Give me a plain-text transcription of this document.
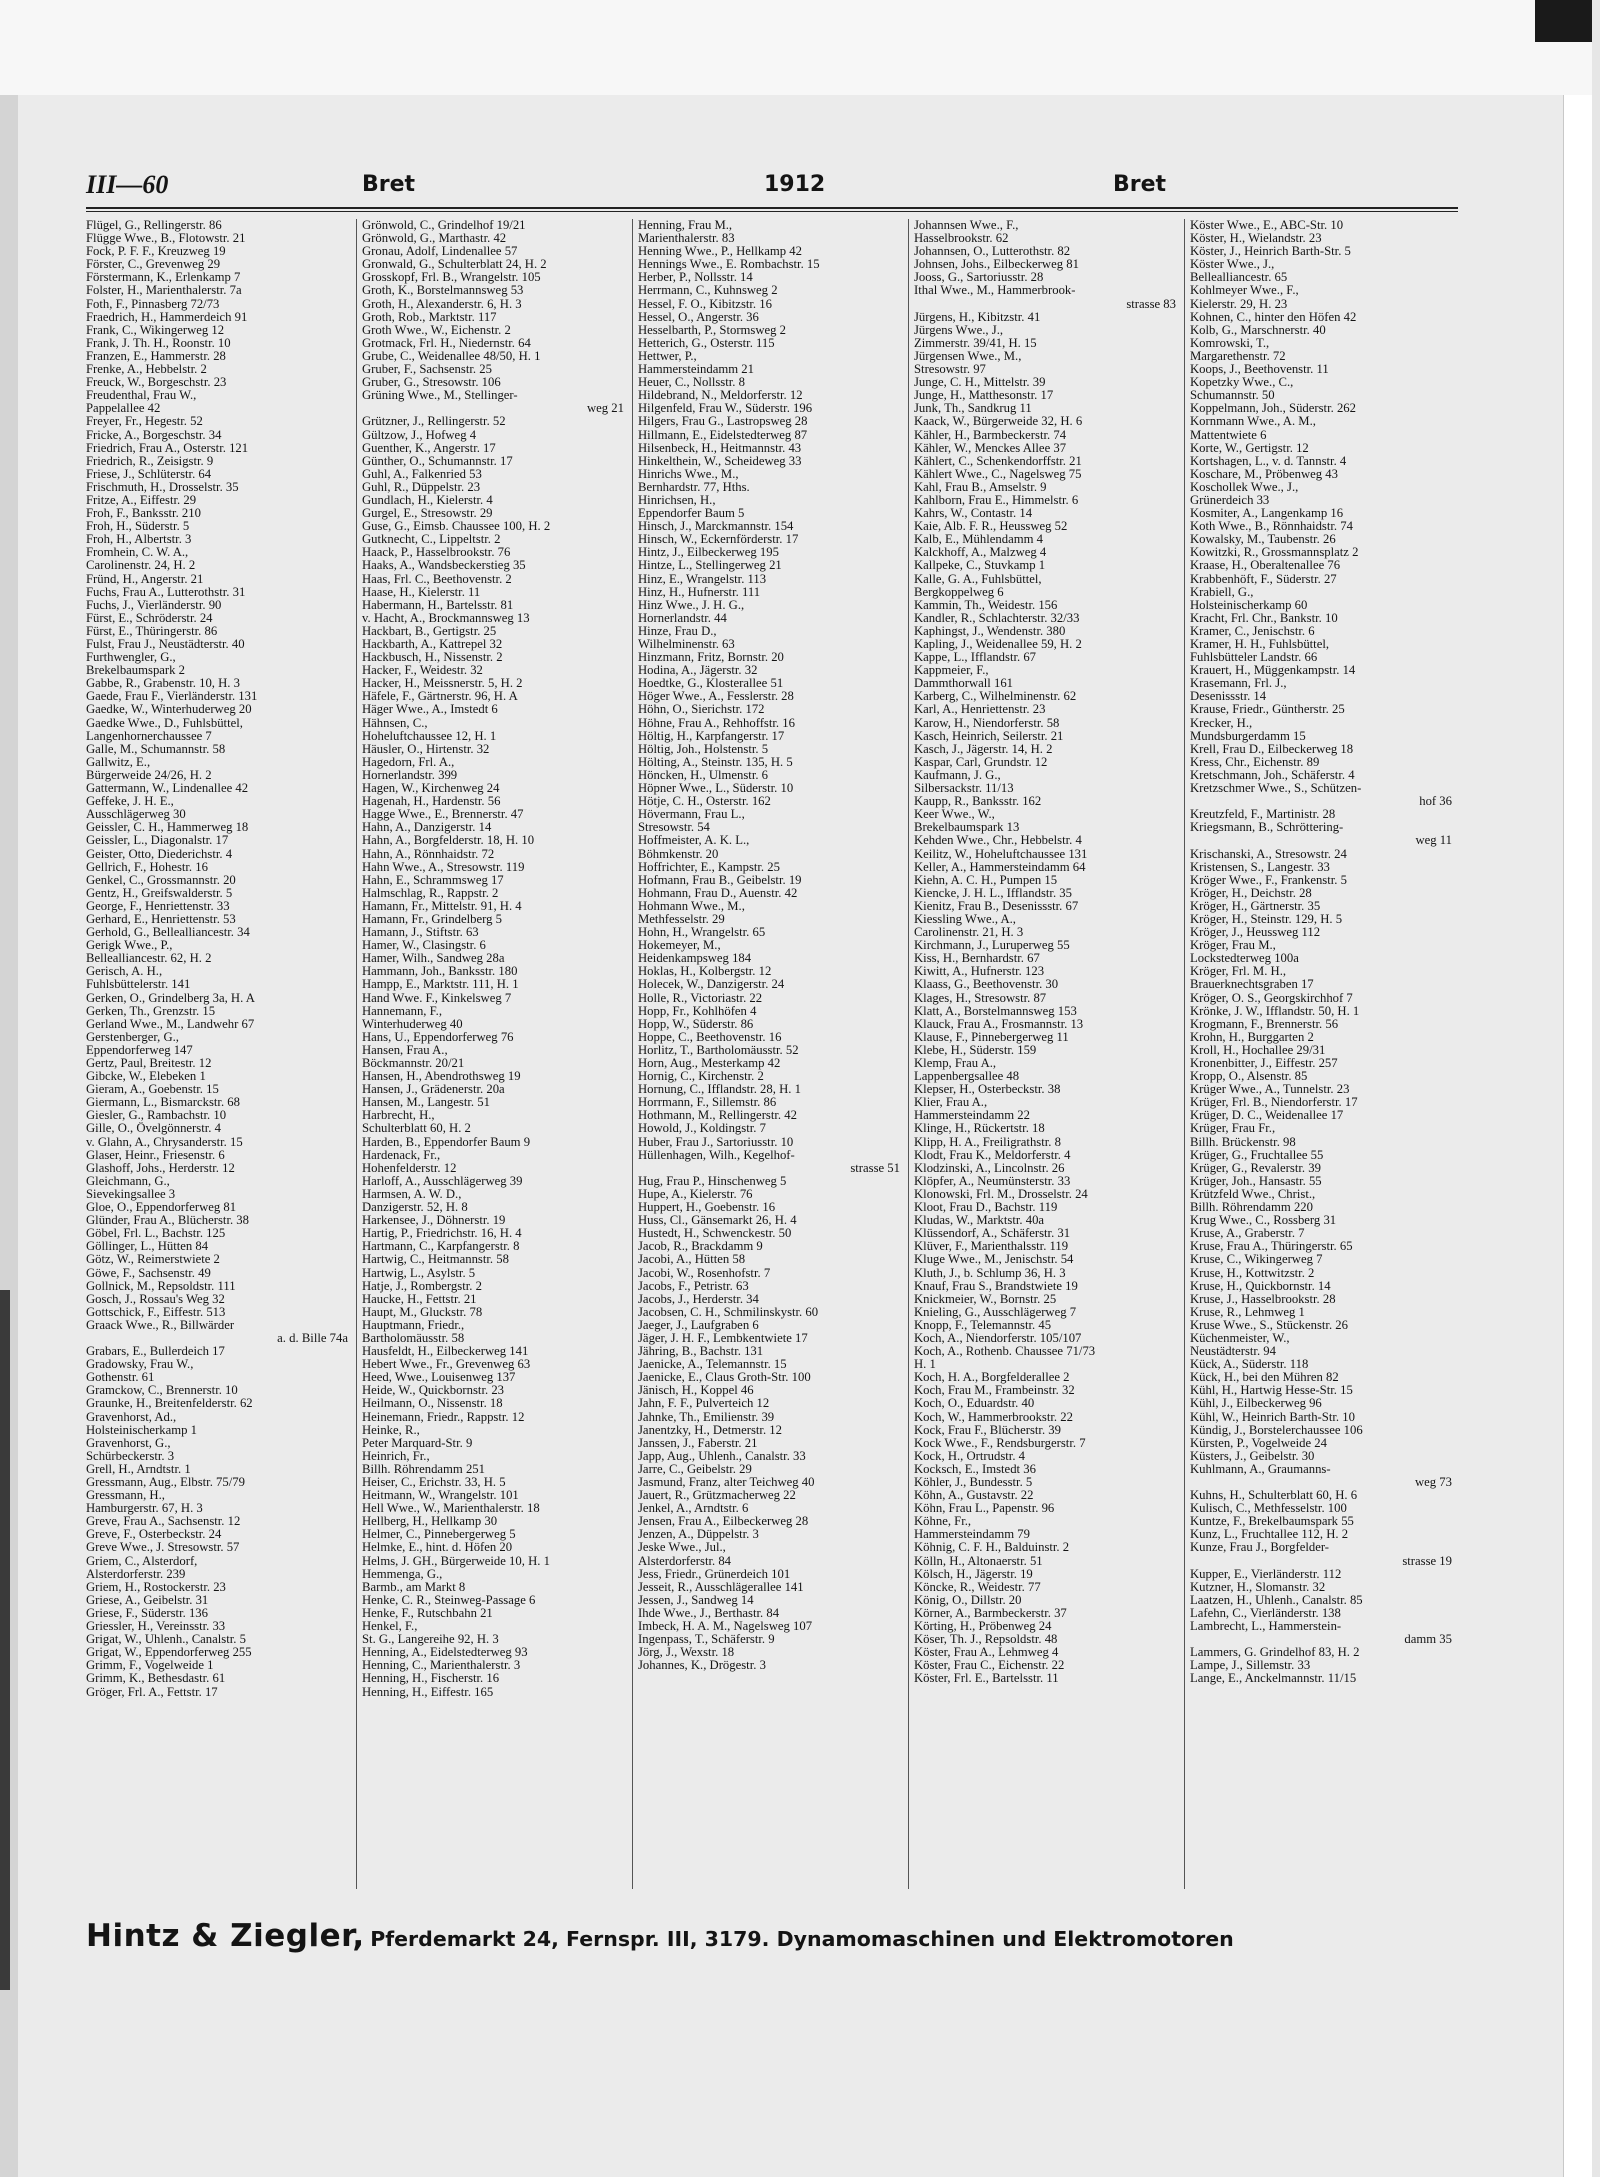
III—60	Bret	1912	Bret
Flügel, G., Rellingerstr. 86
Flügge Wwe., B., Flotowstr. 21
Fock, P. F. F., Kreuzweg 19
Förster, C., Grevenweg 29
Förstermann, K., Erlenkamp 7
Folster, H., Marienthalerstr. 7a
Foth, F., Pinnasberg 72/73
Fraedrich, H., Hammerdeich 91
Frank, C., Wikingerweg 12
Frank, J. Th. H., Roonstr. 10
Franzen, E., Hammerstr. 28
Frenke, A., Hebbelstr. 2
Freuck, W., Borgeschstr. 23
Freudenthal, Frau W.,
Pappelallee 42
Freyer, Fr., Hegestr. 52
Fricke, A., Borgeschstr. 34
Friedrich, Frau A., Osterstr. 121
Friedrich, R., Zeisigstr. 9
Friese, J., Schlüterstr. 64
Frischmuth, H., Drosselstr. 35
Fritze, A., Eiffestr. 29
Froh, F., Banksstr. 210
Froh, H., Süderstr. 5
Froh, H., Albertstr. 3
Fromhein, C. W. A.,
Carolinenstr. 24, H. 2
Fründ, H., Angerstr. 21
Fuchs, Frau A., Lutterothstr. 31
Fuchs, J., Vierländerstr. 90
Fürst, E., Schröderstr. 24
Fürst, E., Thüringerstr. 86
Fulst, Frau J., Neustädterstr. 40
Furthwengler, G.,
Brekelbaumspark 2
Gabbe, R., Grabenstr. 10, H. 3
Gaede, Frau F., Vierländerstr. 131
Gaedke, W., Winterhuderweg 20
Gaedke Wwe., D., Fuhlsbüttel,
Langenhornerchaussee 7
Galle, M., Schumannstr. 58
Gallwitz, E.,
Bürgerweide 24/26, H. 2
Gattermann, W., Lindenallee 42
Geffeke, J. H. E.,
Ausschlägerweg 30
Geissler, C. H., Hammerweg 18
Geissler, L., Diagonalstr. 17
Geister, Otto, Diederichstr. 4
Gellrich, F., Hohestr. 16
Genkel, C., Grossmannstr. 20
Gentz, H., Greifswalderstr. 5
George, F., Henriettenstr. 33
Gerhard, E., Henriettenstr. 53
Gerhold, G., Bellealliancestr. 34
Gerigk Wwe., P.,
Bellealliancestr. 62, H. 2
Gerisch, A. H.,
Fuhlsbüttelerstr. 141
Gerken, O., Grindelberg 3a, H. A
Gerken, Th., Grenzstr. 15
Gerland Wwe., M., Landwehr 67
Gerstenberger, G.,
Eppendorferweg 147
Gertz, Paul, Breitestr. 12
Gibcke, W., Elebeken 1
Gieram, A., Goebenstr. 15
Giermann, L., Bismarckstr. 68
Giesler, G., Rambachstr. 10
Gille, O., Övelgönnerstr. 4
v. Glahn, A., Chrysanderstr. 15
Glaser, Heinr., Friesenstr. 6
Glashoff, Johs., Herderstr. 12
Gleichmann, G.,
Sievekingsallee 3
Gloe, O., Eppendorferweg 81
Glünder, Frau A., Blücherstr. 38
Göbel, Frl. L., Bachstr. 125
Göllinger, L., Hütten 84
Götz, W., Reimerstwiete 2
Göwe, F., Sachsenstr. 49
Gollnick, M., Repsoldstr. 111
Gosch, J., Rossau's Weg 32
Gottschick, F., Eiffestr. 513
Graack Wwe., R., Billwärder
a. d. Bille 74a
Grabars, E., Bullerdeich 17
Gradowsky, Frau W.,
Gothenstr. 61
Gramckow, C., Brennerstr. 10
Graunke, H., Breitenfelderstr. 62
Gravenhorst, Ad.,
Holsteinischerkamp 1
Gravenhorst, G.,
Schürbeckerstr. 3
Grell, H., Arndtstr. 1
Gressmann, Aug., Elbstr. 75/79
Gressmann, H.,
Hamburgerstr. 67, H. 3
Greve, Frau A., Sachsenstr. 12
Greve, F., Osterbeckstr. 24
Greve Wwe., J. Stresowstr. 57
Griem, C., Alsterdorf,
Alsterdorferstr. 239
Griem, H., Rostockerstr. 23
Griese, A., Geibelstr. 31
Griese, F., Süderstr. 136
Griessler, H., Vereinsstr. 33
Grigat, W., Uhlenh., Canalstr. 5
Grigat, W., Eppendorferweg 255
Grimm, F., Vogelweide 1
Grimm, K., Bethesdastr. 61
Gröger, Frl. A., Fettstr. 17
Grönwold, C., Grindelhof 19/21
Grönwold, G., Marthastr. 42
Gronau, Adolf, Lindenallee 57
Gronwald, G., Schulterblatt 24, H. 2
Grosskopf, Frl. B., Wrangelstr. 105
Groth, K., Borstelmannsweg 53
Groth, H., Alexanderstr. 6, H. 3
Groth, Rob., Marktstr. 117
Groth Wwe., W., Eichenstr. 2
Grotmack, Frl. H., Niedernstr. 64
Grube, C., Weidenallee 48/50, H. 1
Gruber, F., Sachsenstr. 25
Gruber, G., Stresowstr. 106
Grüning Wwe., M., Stellinger-
weg 21
Grützner, J., Rellingerstr. 52
Gültzow, J., Hofweg 4
Guenther, K., Angerstr. 17
Günther, O., Schumannstr. 17
Guhl, A., Falkenried 53
Guhl, R., Düppelstr. 23
Gundlach, H., Kielerstr. 4
Gurgel, E., Stresowstr. 29
Guse, G., Eimsb. Chaussee 100, H. 2
Gutknecht, C., Lippeltstr. 2
Haack, P., Hasselbrookstr. 76
Haaks, A., Wandsbeckerstieg 35
Haas, Frl. C., Beethovenstr. 2
Haase, H., Kielerstr. 11
Habermann, H., Bartelsstr. 81
v. Hacht, A., Brockmannsweg 13
Hackbart, B., Gertigstr. 25
Hackbarth, A., Kattrepel 32
Hackbusch, H., Nissenstr. 2
Hacker, F., Weidestr. 32
Hacker, H., Meissnerstr. 5, H. 2
Häfele, F., Gärtnerstr. 96, H. A
Häger Wwe., A., Imstedt 6
Hähnsen, C.,
Hoheluftchaussee 12, H. 1
Häusler, O., Hirtenstr. 32
Hagedorn, Frl. A.,
Hornerlandstr. 399
Hagen, W., Kirchenweg 24
Hagenah, H., Hardenstr. 56
Hagge Wwe., E., Brennerstr. 47
Hahn, A., Danzigerstr. 14
Hahn, A., Borgfelderstr. 18, H. 10
Hahn, A., Rönnhaidstr. 72
Hahn Wwe., A., Stresowstr. 119
Hahn, E., Schrammsweg 17
Halmschlag, R., Rappstr. 2
Hamann, Fr., Mittelstr. 91, H. 4
Hamann, Fr., Grindelberg 5
Hamann, J., Stiftstr. 63
Hamer, W., Clasingstr. 6
Hamer, Wilh., Sandweg 28a
Hammann, Joh., Banksstr. 180
Hampp, E., Marktstr. 111, H. 1
Hand Wwe. F., Kinkelsweg 7
Hannemann, F.,
Winterhuderweg 40
Hans, U., Eppendorferweg 76
Hansen, Frau A.,
Böckmannstr. 20/21
Hansen, H., Abendrothsweg 19
Hansen, J., Grädenerstr. 20a
Hansen, M., Langestr. 51
Harbrecht, H.,
Schulterblatt 60, H. 2
Harden, B., Eppendorfer Baum 9
Hardenack, Fr.,
Hohenfelderstr. 12
Harloff, A., Ausschlägerweg 39
Harmsen, A. W. D.,
Danzigerstr. 52, H. 8
Harkensee, J., Döhnerstr. 19
Hartig, P., Friedrichstr. 16, H. 4
Hartmann, C., Karpfangerstr. 8
Hartwig, C., Heitmannstr. 58
Hartwig, L., Asylstr. 5
Hatje, J., Rombergstr. 2
Haucke, H., Fettstr. 21
Haupt, M., Gluckstr. 78
Hauptmann, Friedr.,
Bartholomäusstr. 58
Hausfeldt, H., Eilbeckerweg 141
Hebert Wwe., Fr., Grevenweg 63
Heed, Wwe., Louisenweg 137
Heide, W., Quickbornstr. 23
Heilmann, O., Nissenstr. 18
Heinemann, Friedr., Rappstr. 12
Heinke, R.,
Peter Marquard-Str. 9
Heinrich, Fr.,
Billh. Röhrendamm 251
Heiser, C., Erichstr. 33, H. 5
Heitmann, W., Wrangelstr. 101
Hell Wwe., W., Marienthalerstr. 18
Hellberg, H., Hellkamp 30
Helmer, C., Pinnebergerweg 5
Helmke, E., hint. d. Höfen 20
Helms, J. GH., Bürgerweide 10, H. 1
Hemmenga, G.,
Barmb., am Markt 8
Henke, C. R., Steinweg-Passage 6
Henke, F., Rutschbahn 21
Henkel, F.,
St. G., Langereihe 92, H. 3
Henning, A., Eidelstedterweg 93
Henning, C., Marienthalerstr. 3
Henning, H., Fischerstr. 16
Henning, H., Eiffestr. 165
Henning, Frau M.,
Marienthalerstr. 83
Henning Wwe., P., Hellkamp 42
Hennings Wwe., E. Rombachstr. 15
Herber, P., Nollsstr. 14
Herrmann, C., Kuhnsweg 2
Hessel, F. O., Kibitzstr. 16
Hessel, O., Angerstr. 36
Hesselbarth, P., Stormsweg 2
Hetterich, G., Osterstr. 115
Hettwer, P.,
Hammersteindamm 21
Heuer, C., Nollsstr. 8
Hildebrand, N., Meldorferstr. 12
Hilgenfeld, Frau W., Süderstr. 196
Hilgers, Frau G., Lastropsweg 28
Hillmann, E., Eidelstedterweg 87
Hilsenbeck, H., Heitmannstr. 43
Hinkelthein, W., Scheideweg 33
Hinrichs Wwe., M.,
Bernhardstr. 77, Hths.
Hinrichsen, H.,
Eppendorfer Baum 5
Hinsch, J., Marckmannstr. 154
Hinsch, W., Eckernförderstr. 17
Hintz, J., Eilbeckerweg 195
Hintze, L., Stellingerweg 21
Hinz, E., Wrangelstr. 113
Hinz, H., Hufnerstr. 111
Hinz Wwe., J. H. G.,
Hornerlandstr. 44
Hinze, Frau D.,
Wilhelminenstr. 63
Hinzmann, Fritz, Bornstr. 20
Hodina, A., Jägerstr. 32
Hoedtke, G., Klosterallee 51
Höger Wwe., A., Fesslerstr. 28
Höhn, O., Sierichstr. 172
Höhne, Frau A., Rehhoffstr. 16
Höltig, H., Karpfangerstr. 17
Höltig, Joh., Holstenstr. 5
Hölting, A., Steinstr. 135, H. 5
Höncken, H., Ulmenstr. 6
Höpner Wwe., L., Süderstr. 10
Hötje, C. H., Osterstr. 162
Hövermann, Frau L.,
Stresowstr. 54
Hoffmeister, A. K. L.,
Böhmkenstr. 20
Hoffrichter, E., Kampstr. 25
Hofmann, Frau B., Geibelstr. 19
Hohmann, Frau D., Auenstr. 42
Hohmann Wwe., M.,
Methfesselstr. 29
Hohn, H., Wrangelstr. 65
Hokemeyer, M.,
Heidenkampsweg 184
Hoklas, H., Kolbergstr. 12
Holecek, W., Danzigerstr. 24
Holle, R., Victoriastr. 22
Hopp, Fr., Kohlhöfen 4
Hopp, W., Süderstr. 86
Hoppe, C., Beethovenstr. 16
Horlitz, T., Bartholomäusstr. 52
Horn, Aug., Mesterkamp 42
Hornig, C., Kirchenstr. 2
Hornung, C., Ifflandstr. 28, H. 1
Horrmann, F., Sillemstr. 86
Hothmann, M., Rellingerstr. 42
Howold, J., Koldingstr. 7
Huber, Frau J., Sartoriusstr. 10
Hüllenhagen, Wilh., Kegelhof-
strasse 51
Hug, Frau P., Hinschenweg 5
Hupe, A., Kielerstr. 76
Huppert, H., Goebenstr. 16
Huss, Cl., Gänsemarkt 26, H. 4
Hustedt, H., Schwenckestr. 50
Jacob, R., Brackdamm 9
Jacobi, A., Hütten 58
Jacobi, W., Rosenhofstr. 7
Jacobs, F., Petristr. 63
Jacobs, J., Herderstr. 34
Jacobsen, C. H., Schmilinskystr. 60
Jaeger, J., Laufgraben 6
Jäger, J. H. F., Lembkentwiete 17
Jähring, B., Bachstr. 131
Jaenicke, A., Telemannstr. 15
Jaenicke, E., Claus Groth-Str. 100
Jänisch, H., Koppel 46
Jahn, F. F., Pulverteich 12
Jahnke, Th., Emilienstr. 39
Janentzky, H., Detmerstr. 12
Janssen, J., Faberstr. 21
Japp, Aug., Uhlenh., Canalstr. 33
Jarre, C., Geibelstr. 29
Jasmund, Franz, alter Teichweg 40
Jauert, R., Grützmacherweg 22
Jenkel, A., Arndtstr. 6
Jensen, Frau A., Eilbeckerweg 28
Jenzen, A., Düppelstr. 3
Jeske Wwe., Jul.,
Alsterdorferstr. 84
Jess, Friedr., Grünerdeich 101
Jesseit, R., Ausschlägerallee 141
Jessen, J., Sandweg 14
Ihde Wwe., J., Berthastr. 84
Imbeck, H. A. M., Nagelsweg 107
Ingenpass, T., Schäferstr. 9
Jörg, J., Wexstr. 18
Johannes, K., Drögestr. 3
Johannsen Wwe., F.,
Hasselbrookstr. 62
Johannsen, O., Lutterothstr. 82
Johnsen, Johs., Eilbeckerweg 81
Jooss, G., Sartoriusstr. 28
Ithal Wwe., M., Hammerbrook-
strasse 83
Jürgens, H., Kibitzstr. 41
Jürgens Wwe., J.,
Zimmerstr. 39/41, H. 15
Jürgensen Wwe., M.,
Stresowstr. 97
Junge, C. H., Mittelstr. 39
Junge, H., Matthesonstr. 17
Junk, Th., Sandkrug 11
Kaack, W., Bürgerweide 32, H. 6
Kähler, H., Barmbeckerstr. 74
Kähler, W., Menckes Allee 37
Kählert, C., Schenkendorffstr. 21
Kählert Wwe., C., Nagelsweg 75
Kahl, Frau B., Amselstr. 9
Kahlborn, Frau E., Himmelstr. 6
Kahrs, W., Contastr. 14
Kaie, Alb. F. R., Heussweg 52
Kalb, E., Mühlendamm 4
Kalckhoff, A., Malzweg 4
Kallpeke, C., Stuvkamp 1
Kalle, G. A., Fuhlsbüttel,
Bergkoppelweg 6
Kammin, Th., Weidestr. 156
Kandler, R., Schlachterstr. 32/33
Kaphingst, J., Wendenstr. 380
Kapling, J., Weidenallee 59, H. 2
Kappe, L., Ifflandstr. 67
Kappmeier, F.,
Dammthorwall 161
Karberg, C., Wilhelminenstr. 62
Karl, A., Henriettenstr. 23
Karow, H., Niendorferstr. 58
Kasch, Heinrich, Seilerstr. 21
Kasch, J., Jägerstr. 14, H. 2
Kaspar, Carl, Grundstr. 12
Kaufmann, J. G.,
Silbersackstr. 11/13
Kaupp, R., Banksstr. 162
Keer Wwe., W.,
Brekelbaumspark 13
Kehden Wwe., Chr., Hebbelstr. 4
Keilitz, W., Hoheluftchaussee 131
Keller, A., Hammersteindamm 64
Kiehn, A. C. H., Pumpen 15
Kiencke, J. H. L., Ifflandstr. 35
Kienitz, Frau B., Desenissstr. 67
Kiessling Wwe., A.,
Carolinenstr. 21, H. 3
Kirchmann, J., Luruperweg 55
Kiss, H., Bernhardstr. 67
Kiwitt, A., Hufnerstr. 123
Klaass, G., Beethovenstr. 30
Klages, H., Stresowstr. 87
Klatt, A., Borstelmannsweg 153
Klauck, Frau A., Frosmannstr. 13
Klause, F., Pinnebergerweg 11
Klebe, H., Süderstr. 159
Klemp, Frau A.,
Lappenbergsallee 48
Klepser, H., Osterbeckstr. 38
Klier, Frau A.,
Hammersteindamm 22
Klinge, H., Rückertstr. 18
Klipp, H. A., Freiligrathstr. 8
Klodt, Frau K., Meldorferstr. 4
Klodzinski, A., Lincolnstr. 26
Klöpfer, A., Neumünsterstr. 33
Klonowski, Frl. M., Drosselstr. 24
Kloot, Frau D., Bachstr. 119
Kludas, W., Marktstr. 40a
Klüssendorf, A., Schäferstr. 31
Klüver, F., Marienthalsstr. 119
Kluge Wwe., M., Jenischstr. 54
Kluth, J., b. Schlump 36, H. 3
Knauf, Frau S., Brandstwiete 19
Knickmeier, W., Bornstr. 25
Knieling, G., Ausschlägerweg 7
Knopp, F., Telemannstr. 45
Koch, A., Niendorferstr. 105/107
Koch, A., Rothenb. Chaussee 71/73
H. 1
Koch, H. A., Borgfelderallee 2
Koch, Frau M., Frambeinstr. 32
Koch, O., Eduardstr. 40
Koch, W., Hammerbrookstr. 22
Kock, Frau F., Blücherstr. 39
Kock Wwe., F., Rendsburgerstr. 7
Kock, H., Ortrudstr. 4
Kocksch, E., Imstedt 36
Köhler, J., Bundesstr. 5
Köhn, A., Gustavstr. 22
Köhn, Frau L., Papenstr. 96
Köhne, Fr.,
Hammersteindamm 79
Köhnig, C. F. H., Balduinstr. 2
Kölln, H., Altonaerstr. 51
Kölsch, H., Jägerstr. 19
Köncke, R., Weidestr. 77
König, O., Dillstr. 20
Körner, A., Barmbeckerstr. 37
Körting, H., Pröbenweg 24
Köser, Th. J., Repsoldstr. 48
Köster, Frau A., Lehmweg 4
Köster, Frau C., Eichenstr. 22
Köster, Frl. E., Bartelsstr. 11
Köster Wwe., E., ABC-Str. 10
Köster, H., Wielandstr. 23
Köster, J., Heinrich Barth-Str. 5
Köster Wwe., J.,
Bellealliancestr. 65
Kohlmeyer Wwe., F.,
Kielerstr. 29, H. 23
Kohnen, C., hinter den Höfen 42
Kolb, G., Marschnerstr. 40
Komrowski, T.,
Margarethenstr. 72
Koops, J., Beethovenstr. 11
Kopetzky Wwe., C.,
Schumannstr. 50
Koppelmann, Joh., Süderstr. 262
Kornmann Wwe., A. M.,
Mattentwiete 6
Korte, W., Gertigstr. 12
Kortshagen, L., v. d. Tannstr. 4
Koschare, M., Pröbenweg 43
Koschollek Wwe., J.,
Grünerdeich 33
Kosmiter, A., Langenkamp 16
Koth Wwe., B., Rönnhaidstr. 74
Kowalsky, M., Taubenstr. 26
Kowitzki, R., Grossmannsplatz 2
Kraase, H., Oberaltenallee 76
Krabbenhöft, F., Süderstr. 27
Krabiell, G.,
Holsteinischerkamp 60
Kracht, Frl. Chr., Bankstr. 10
Kramer, C., Jenischstr. 6
Kramer, H. H., Fuhlsbüttel,
Fuhlsbütteler Landstr. 66
Krauert, H., Müggenkampstr. 14
Krasemann, Frl. J.,
Desenissstr. 14
Krause, Friedr., Güntherstr. 25
Krecker, H.,
Mundsburgerdamm 15
Krell, Frau D., Eilbeckerweg 18
Kress, Chr., Eichenstr. 89
Kretschmann, Joh., Schäferstr. 4
Kretzschmer Wwe., S., Schützen-
hof 36
Kreutzfeld, F., Martinistr. 28
Kriegsmann, B., Schröttering-
weg 11
Krischanski, A., Stresowstr. 24
Kristensen, S., Langestr. 33
Kröger Wwe., F., Frankenstr. 5
Kröger, H., Deichstr. 28
Kröger, H., Gärtnerstr. 35
Kröger, H., Steinstr. 129, H. 5
Kröger, J., Heussweg 112
Kröger, Frau M.,
Lockstedterweg 100a
Kröger, Frl. M. H.,
Brauerknechtsgraben 17
Kröger, O. S., Georgskirchhof 7
Krönke, J. W., Ifflandstr. 50, H. 1
Krogmann, F., Brennerstr. 56
Krohn, H., Burggarten 2
Kroll, H., Hochallee 29/31
Kronenbitter, J., Eiffestr. 257
Kropp, O., Alsenstr. 85
Krüger Wwe., A., Tunnelstr. 23
Krüger, Frl. B., Niendorferstr. 17
Krüger, D. C., Weidenallee 17
Krüger, Frau Fr.,
Billh. Brückenstr. 98
Krüger, G., Fruchtallee 55
Krüger, G., Revalerstr. 39
Krüger, Joh., Hansastr. 55
Krützfeld Wwe., Christ.,
Billh. Röhrendamm 220
Krug Wwe., C., Rossberg 31
Kruse, A., Graberstr. 7
Kruse, Frau A., Thüringerstr. 65
Kruse, C., Wikingerweg 7
Kruse, H., Kottwitzstr. 2
Kruse, H., Quickbornstr. 14
Kruse, J., Hasselbrookstr. 28
Kruse, R., Lehmweg 1
Kruse Wwe., S., Stückenstr. 26
Küchenmeister, W.,
Neustädterstr. 94
Kück, A., Süderstr. 118
Kück, H., bei den Mühren 82
Kühl, H., Hartwig Hesse-Str. 15
Kühl, J., Eilbeckerweg 96
Kühl, W., Heinrich Barth-Str. 10
Kündig, J., Borstelerchaussee 106
Kürsten, P., Vogelweide 24
Küsters, J., Geibelstr. 30
Kuhlmann, A., Graumanns-
weg 73
Kuhns, H., Schulterblatt 60, H. 6
Kulisch, C., Methfesselstr. 100
Kuntze, F., Brekelbaumspark 55
Kunz, L., Fruchtallee 112, H. 2
Kunze, Frau J., Borgfelder-
strasse 19
Kupper, E., Vierländerstr. 112
Kutzner, H., Slomanstr. 32
Laatzen, H., Uhlenh., Canalstr. 85
Lafehn, C., Vierländerstr. 138
Lambrecht, L., Hammerstein-
damm 35
Lammers, G. Grindelhof 83, H. 2
Lampe, J., Sillemstr. 33
Lange, E., Anckelmannstr. 11/15
Hintz & Ziegler, Pferdemarkt 24, Fernspr. III, 3179. Dynamomaschinen und Elektromotoren
